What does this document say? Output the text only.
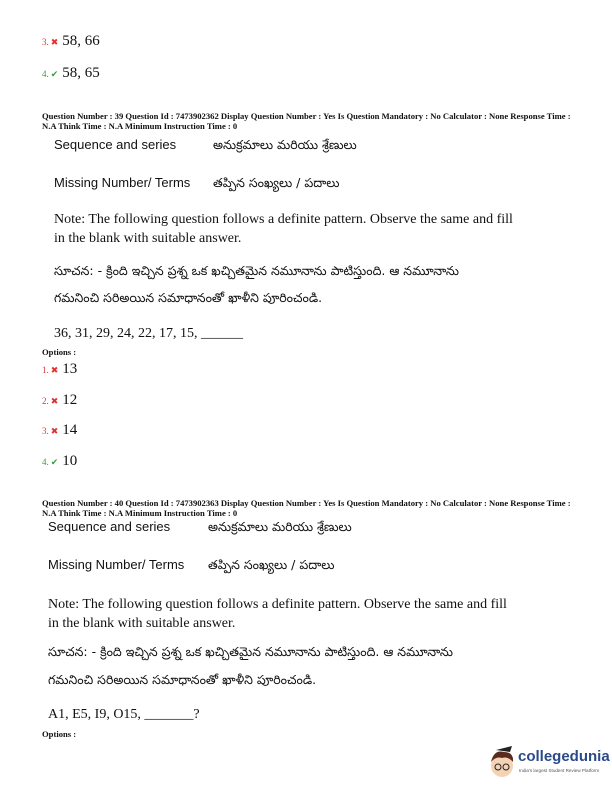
3. ✖ 58, 66
4. ✔ 58, 65
Question Number : 39 Question Id : 7473902362 Display Question Number : Yes Is Question Mandatory : No Calculator : None Response Time : N.A Think Time : N.A Minimum Instruction Time : 0
Sequence and series	అనుక్రమాలు మరియు శ్రేణులు
Missing Number/ Terms తప్పిన సంఖ్యలు / పదాలు
Note: The following question follows a definite pattern. Observe the same and fill in the blank with suitable answer.
సూచన: - క్రింది ఇచ్చిన ప్రశ్న ఒక ఖచ్చితమైన నమూనాను పాటిస్తుంది. ఆ నమూనాను
గమనించి సరిఅయిన సమాధానంతో ఖాళీని పూరించండి.
36, 31, 29, 24, 22, 17, 15, ______
Options :
1. ✖ 13
2. ✖ 12
3. ✖ 14
4. ✔ 10
Question Number : 40 Question Id : 7473902363 Display Question Number : Yes Is Question Mandatory : No Calculator : None Response Time : N.A Think Time : N.A Minimum Instruction Time : 0
Sequence and series	అనుక్రమాలు మరియు శ్రేణులు
Missing Number/ Terms తప్పిన సంఖ్యలు / పదాలు
Note: The following question follows a definite pattern. Observe the same and fill in the blank with suitable answer.
సూచన: - క్రింది ఇచ్చిన ప్రశ్న ఒక ఖచ్చితమైన నమూనాను పాటిస్తుంది. ఆ నమూనాను
గమనించి సరిఅయిన సమాధానంతో ఖాళీని పూరించండి.
A1, E5, I9, O15, _______?
Options :
collegedunia
India's largest Student Review Platform
